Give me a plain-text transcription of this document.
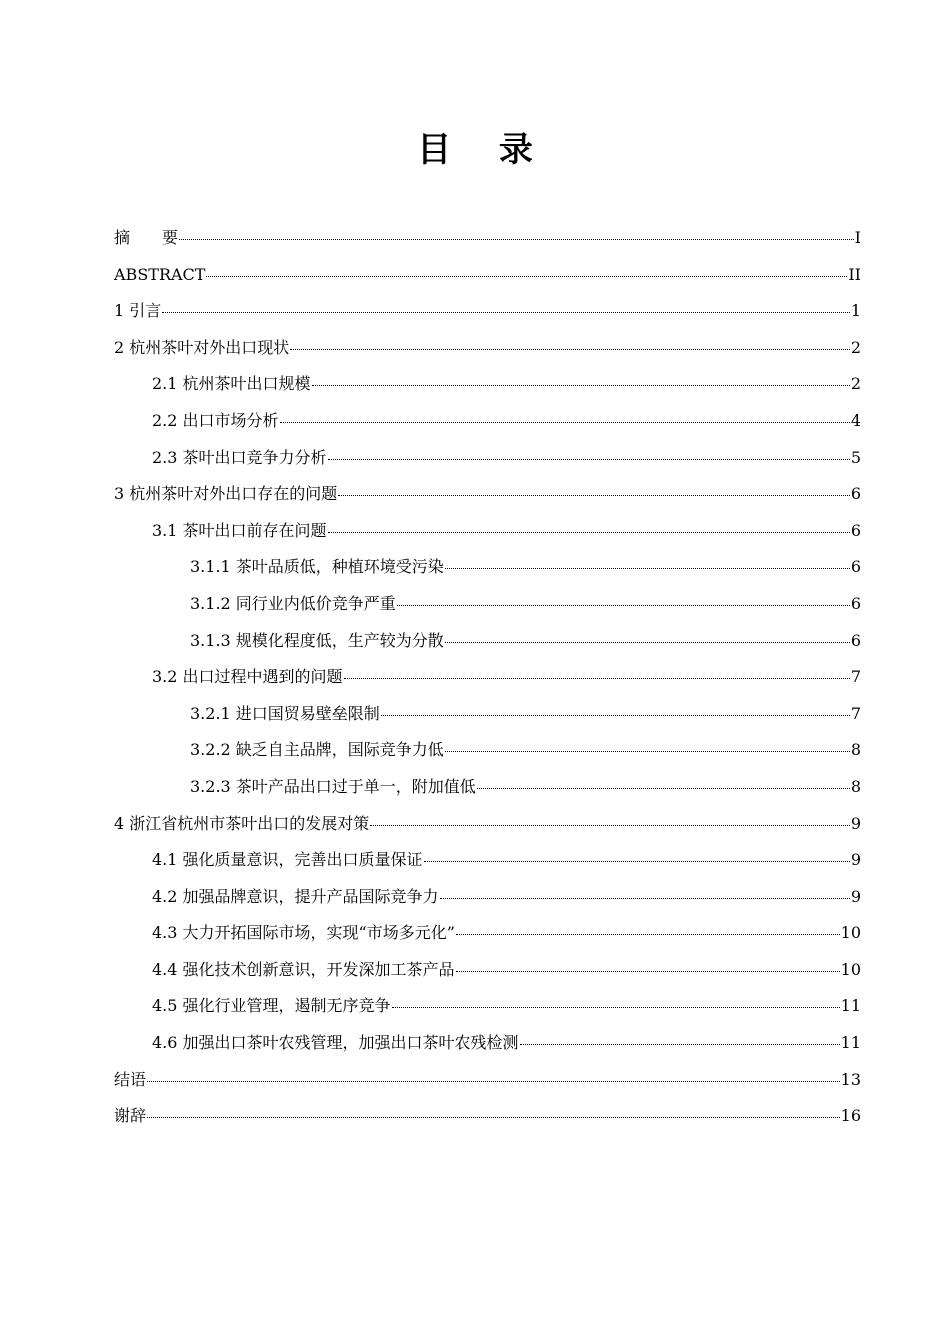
目 录
摘　　要	I
ABSTRACT	II
1 引言	1
2 杭州茶叶对外出口现状	2
2.1 杭州茶叶出口规模	2
2.2 出口市场分析	4
2.3 茶叶出口竞争力分析	5
3 杭州茶叶对外出口存在的问题	6
3.1 茶叶出口前存在问题	6
3.1.1 茶叶品质低，种植环境受污染	6
3.1.2 同行业内低价竞争严重	6
3.1.3 规模化程度低，生产较为分散	6
3.2 出口过程中遇到的问题	7
3.2.1 进口国贸易壁垒限制	7
3.2.2 缺乏自主品牌，国际竞争力低	8
3.2.3 茶叶产品出口过于单一，附加值低	8
4 浙江省杭州市茶叶出口的发展对策	9
4.1 强化质量意识，完善出口质量保证	9
4.2 加强品牌意识，提升产品国际竞争力	9
4.3 大力开拓国际市场，实现“市场多元化”	10
4.4 强化技术创新意识，开发深加工茶产品	10
4.5 强化行业管理，遏制无序竞争	11
4.6 加强出口茶叶农残管理，加强出口茶叶农残检测	11
结语	13
谢辞	16
